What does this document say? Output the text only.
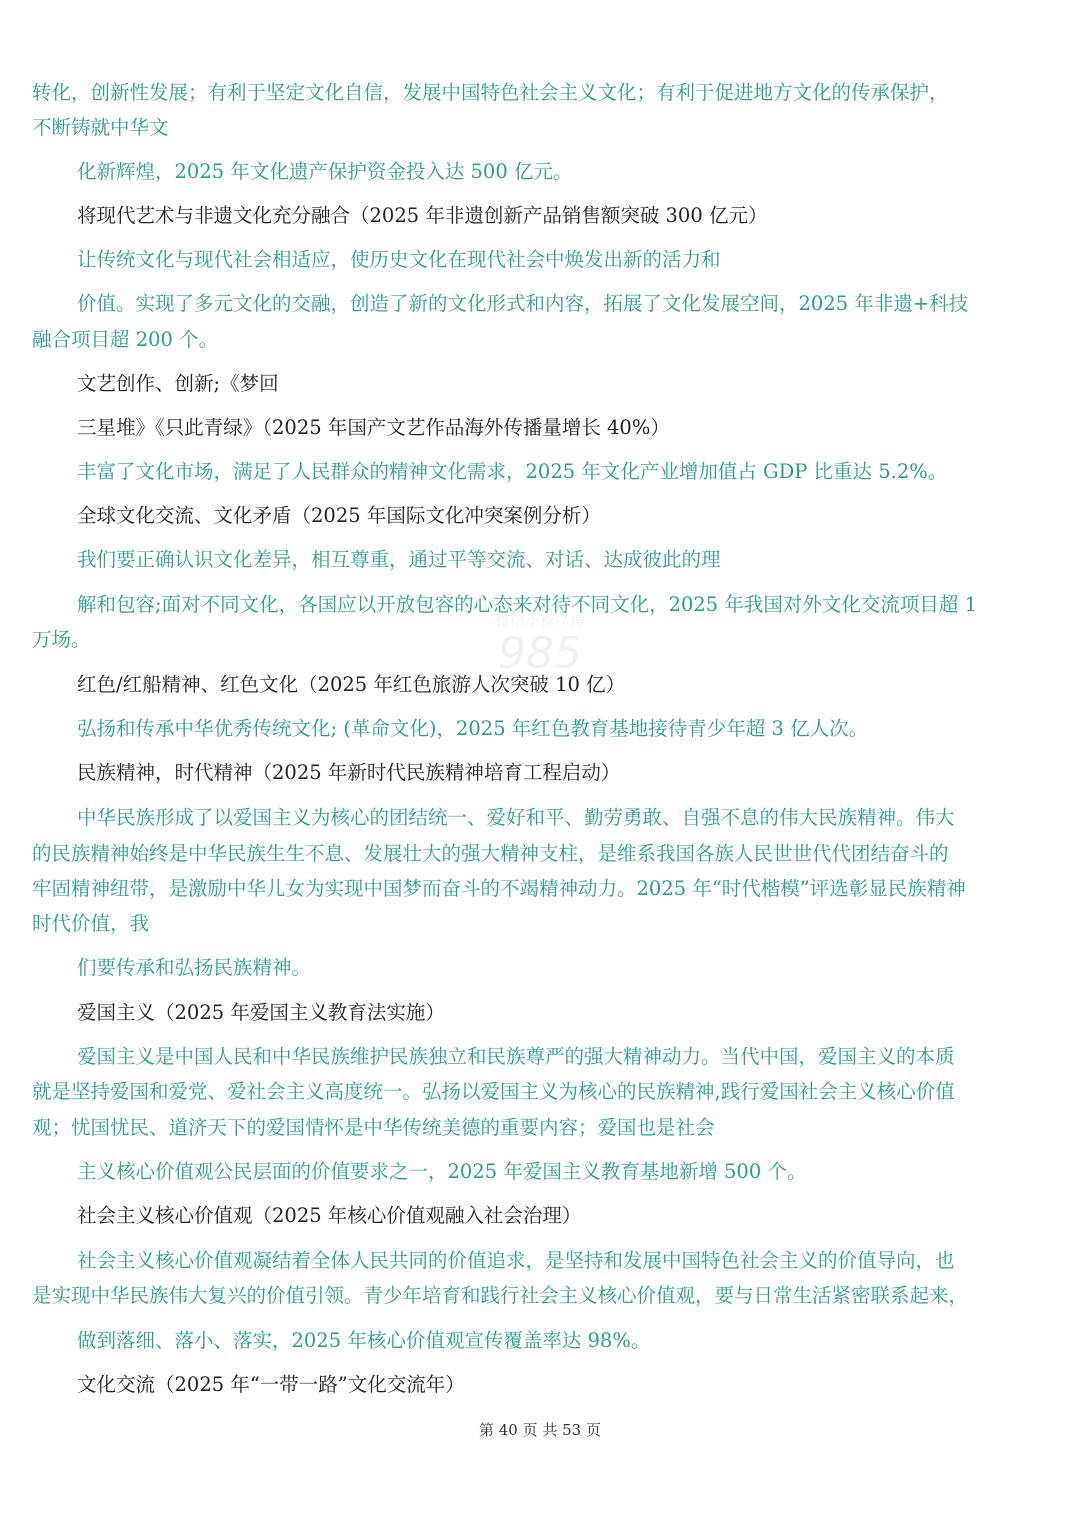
微信小程序搜
985

转化，创新性发展；有利于坚定文化自信，发展中国特色社会主义文化；有利于促进地方文化的传承保护，

不断铸就中华文

化新辉煌，2025 年文化遗产保护资金投入达 500 亿元。

将现代艺术与非遗文化充分融合（2025 年非遗创新产品销售额突破 300 亿元）

让传统文化与现代社会相适应，使历史文化在现代社会中焕发出新的活力和

价值。实现了多元文化的交融，创造了新的文化形式和内容，拓展了文化发展空间，2025 年非遗+科技

融合项目超 200 个。

文艺创作、创新;《梦回

三星堆》《只此青绿》（2025 年国产文艺作品海外传播量增长 40%）

丰富了文化市场，满足了人民群众的精神文化需求，2025 年文化产业增加值占 GDP 比重达 5.2%。

全球文化交流、文化矛盾（2025 年国际文化冲突案例分析）

我们要正确认识文化差异，相互尊重，通过平等交流、对话、达成彼此的理

解和包容;面对不同文化，各国应以开放包容的心态来对待不同文化，2025 年我国对外文化交流项目超 1

万场。

红色/红船精神、红色文化（2025 年红色旅游人次突破 10 亿）

弘扬和传承中华优秀传统文化; (革命文化)，2025 年红色教育基地接待青少年超 3 亿人次。

民族精神，时代精神（2025 年新时代民族精神培育工程启动）

中华民族形成了以爱国主义为核心的团结统一、爱好和平、勤劳勇敢、自强不息的伟大民族精神。伟大

的民族精神始终是中华民族生生不息、发展壮大的强大精神支柱，是维系我国各族人民世世代代团结奋斗的

牢固精神纽带，是激励中华儿女为实现中国梦而奋斗的不竭精神动力。2025 年“时代楷模”评选彰显民族精神

时代价值，我

们要传承和弘扬民族精神。

爱国主义（2025 年爱国主义教育法实施）

爱国主义是中国人民和中华民族维护民族独立和民族尊严的强大精神动力。当代中国，爱国主义的本质

就是坚持爱国和爱党、爱社会主义高度统一。弘扬以爱国主义为核心的民族精神,践行爱国社会主义核心价值

观；忧国忧民、道济天下的爱国情怀是中华传统美德的重要内容；爱国也是社会

主义核心价值观公民层面的价值要求之一，2025 年爱国主义教育基地新增 500 个。

社会主义核心价值观（2025 年核心价值观融入社会治理）

社会主义核心价值观凝结着全体人民共同的价值追求，是坚持和发展中国特色社会主义的价值导向，也

是实现中华民族伟大复兴的价值引领。青少年培育和践行社会主义核心价值观，要与日常生活紧密联系起来，

做到落细、落小、落实，2025 年核心价值观宣传覆盖率达 98%。

文化交流（2025 年“一带一路”文化交流年）

第 40 页 共 53 页
